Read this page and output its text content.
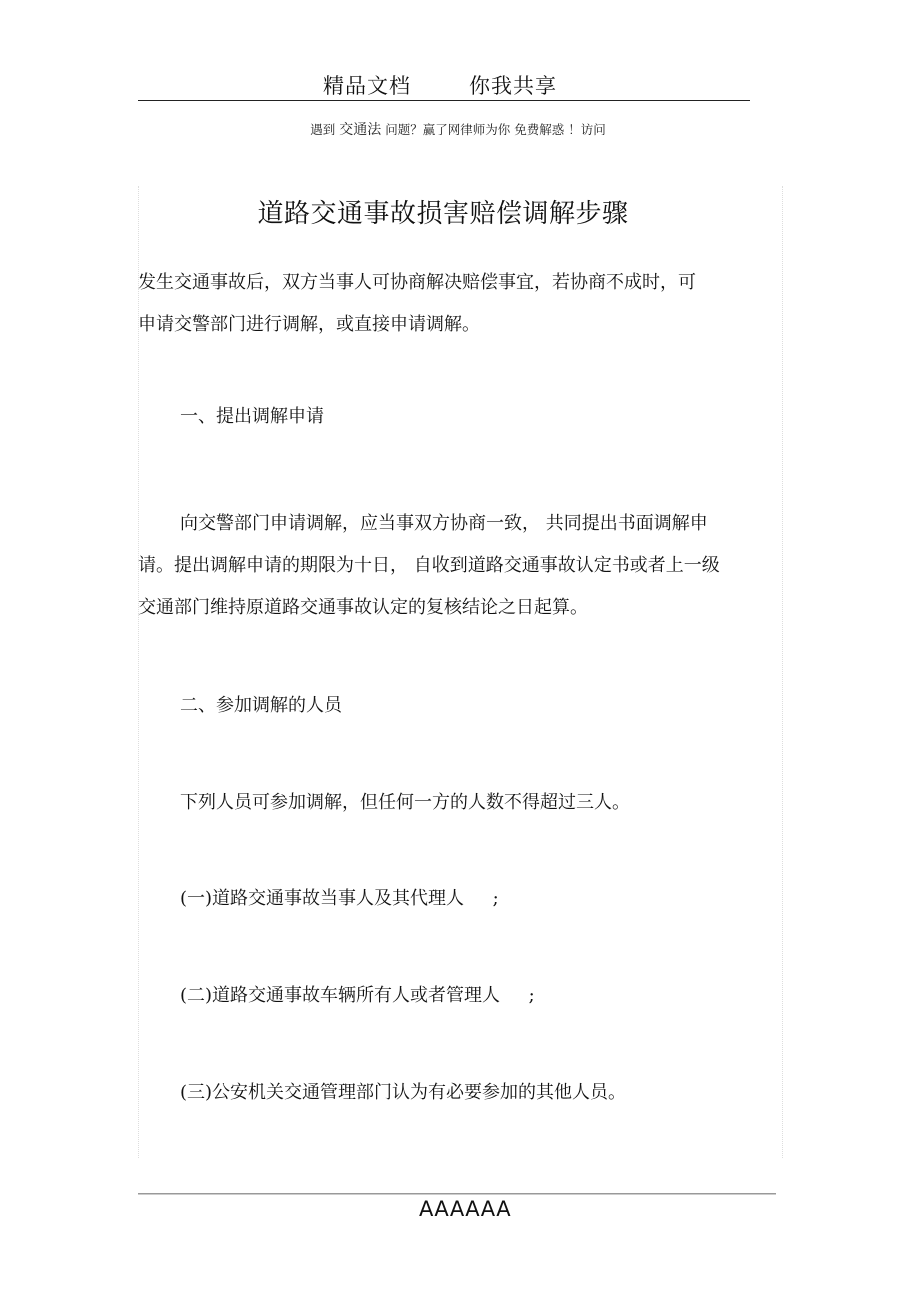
精品文档	你我共享
遇到 交通法 问题？赢了网律师为你 免费解惑 ！访问
道路交通事故损害赔偿调解步骤
发生交通事故后，双方当事人可协商解决赔偿事宜，若协商不成时，可
申请交警部门进行调解，或直接申请调解。
一、提出调解申请
向交警部门申请调解，应当事双方协商一致， 共同提出书面调解申
请。提出调解申请的期限为十日， 自收到道路交通事故认定书或者上一级
交通部门维持原道路交通事故认定的复核结论之日起算。
二、参加调解的人员
下列人员可参加调解，但任何一方的人数不得超过三人。
(一)道路交通事故当事人及其代理人     ;
(二)道路交通事故车辆所有人或者管理人     ;
(三)公安机关交通管理部门认为有必要参加的其他人员。
AAAAAA
